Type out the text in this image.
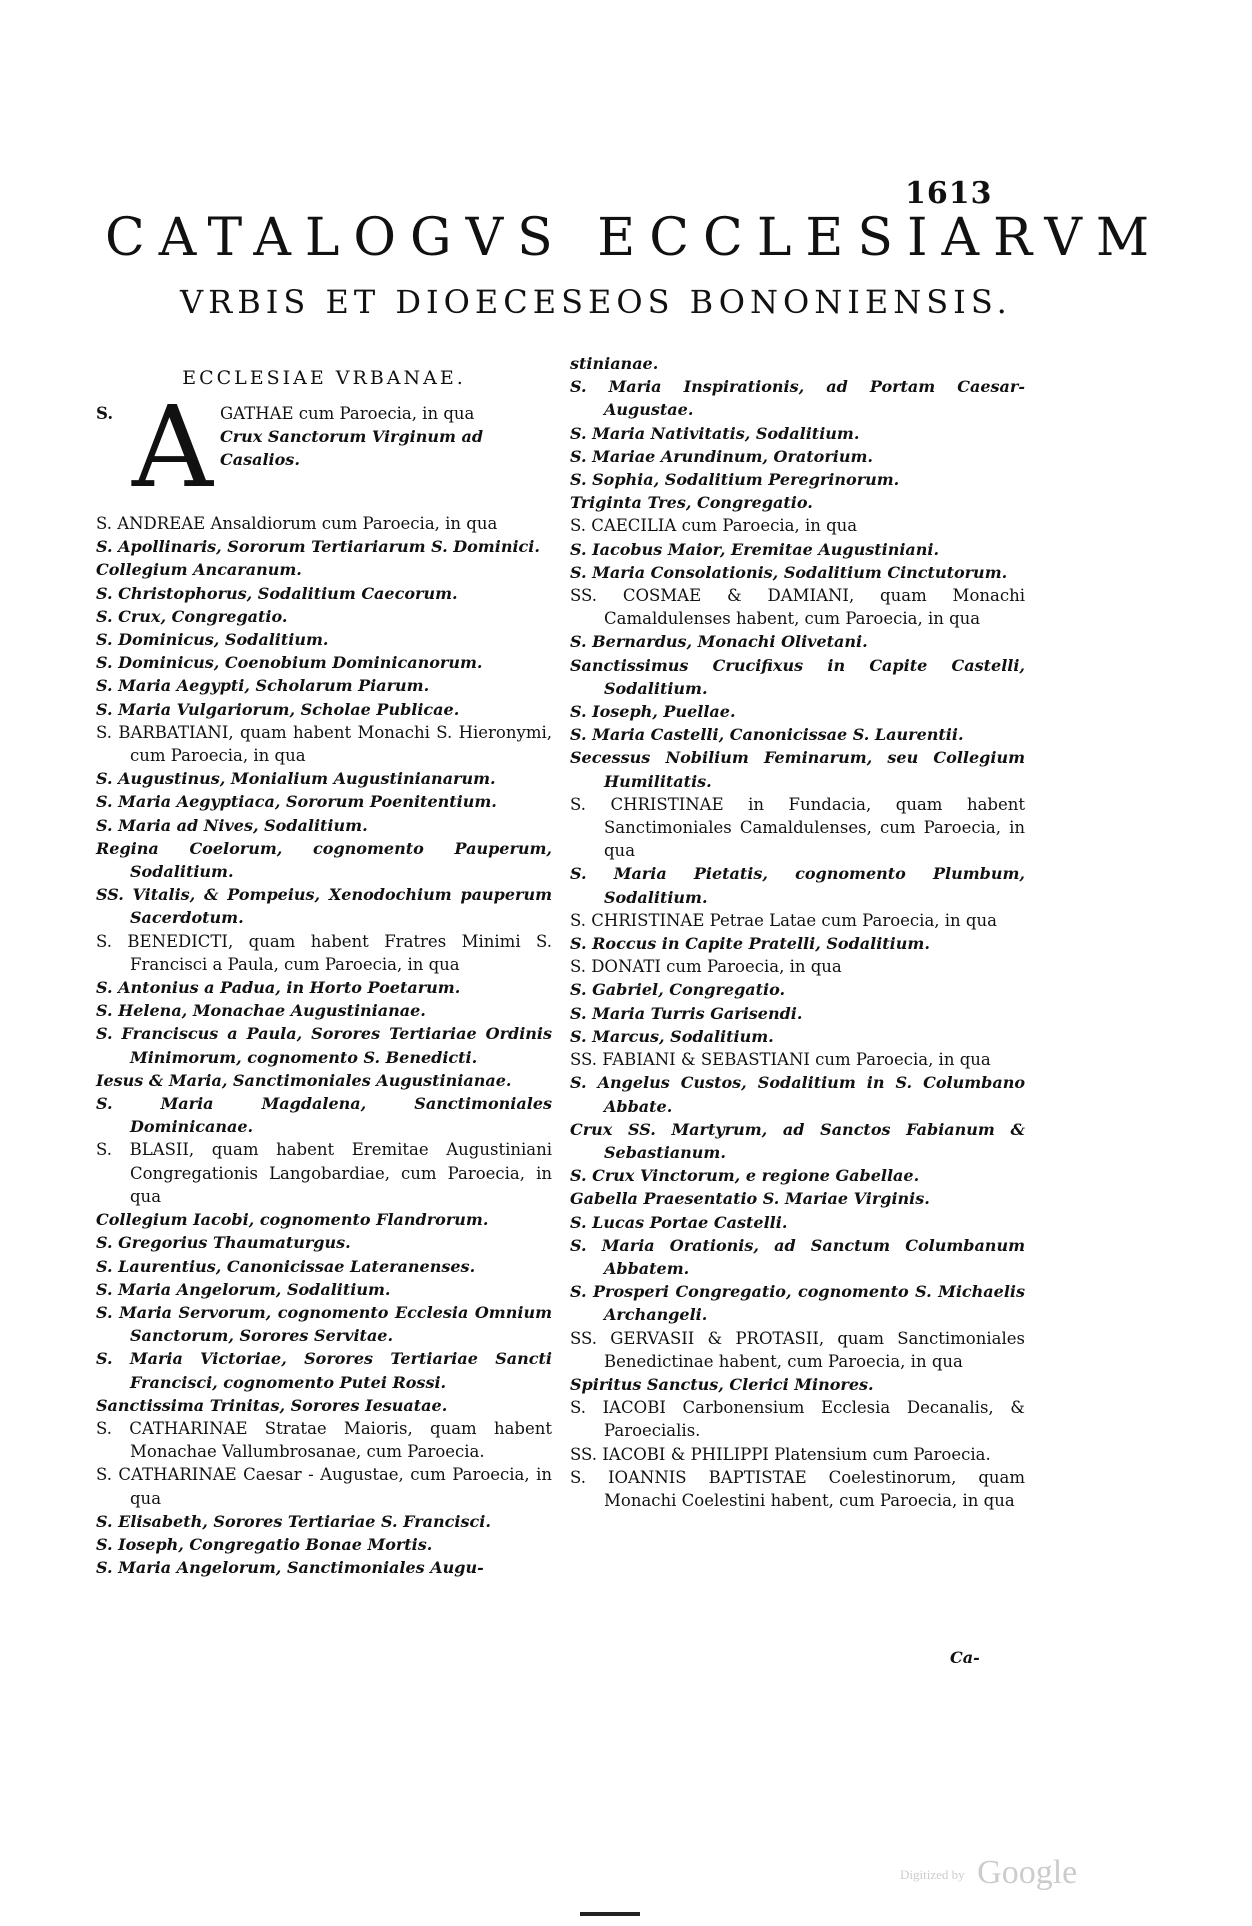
1613
CATALOGVS ECCLESIARVM
VRBIS ET DIOECESEOS BONONIENSIS.
ECCLESIAE VRBANAE.
S. A GATHAE cum Paroecia, in qua
Crux Sanctorum Virginum ad
Casalios.

S. ANDREAE Ansaldiorum cum Paroecia, in qua

S. Apollinaris, Sororum Tertiariarum S. Dominici.

Collegium Ancaranum.

S. Christophorus, Sodalitium Caecorum.

S. Crux, Congregatio.

S. Dominicus, Sodalitium.

S. Dominicus, Coenobium Dominicanorum.

S. Maria Aegypti, Scholarum Piarum.

S. Maria Vulgariorum, Scholae Publicae.

S. BARBATIANI, quam habent Monachi S. Hieronymi, cum Paroecia, in qua

S. Augustinus, Monialium Augustinianarum.

S. Maria Aegyptiaca, Sororum Poenitentium.

S. Maria ad Nives, Sodalitium.

Regina Coelorum, cognomento Pauperum, Sodalitium.

SS. Vitalis, & Pompeius, Xenodochium pauperum Sacerdotum.

S. BENEDICTI, quam habent Fratres Minimi S. Francisci a Paula, cum Paroecia, in qua

S. Antonius a Padua, in Horto Poetarum.

S. Helena, Monachae Augustinianae.

S. Franciscus a Paula, Sorores Tertiariae Ordinis Minimorum, cognomento S. Benedicti.

Iesus & Maria, Sanctimoniales Augustinianae.

S. Maria Magdalena, Sanctimoniales Dominicanae.

S. BLASII, quam habent Eremitae Augustiniani Congregationis Langobardiae, cum Paroecia, in qua

Collegium Iacobi, cognomento Flandrorum.

S. Gregorius Thaumaturgus.

S. Laurentius, Canonicissae Lateranenses.

S. Maria Angelorum, Sodalitium.

S. Maria Servorum, cognomento Ecclesia Omnium Sanctorum, Sorores Servitae.

S. Maria Victoriae, Sorores Tertiariae Sancti Francisci, cognomento Putei Rossi.

Sanctissima Trinitas, Sorores Iesuatae.

S. CATHARINAE Stratae Maioris, quam habent Monachae Vallumbrosanae, cum Paroecia.

S. CATHARINAE Caesar - Augustae, cum Paroecia, in qua

S. Elisabeth, Sorores Tertiariae S. Francisci.

S. Ioseph, Congregatio Bonae Mortis.

S. Maria Angelorum, Sanctimoniales Augu-

stinianae.

S. Maria Inspirationis, ad Portam Caesar-Augustae.

S. Maria Nativitatis, Sodalitium.

S. Mariae Arundinum, Oratorium.

S. Sophia, Sodalitium Peregrinorum.

Triginta Tres, Congregatio.

S. CAECILIA cum Paroecia, in qua

S. Iacobus Maior, Eremitae Augustiniani.

S. Maria Consolationis, Sodalitium Cinctutorum.

SS. COSMAE & DAMIANI, quam Monachi Camaldulenses habent, cum Paroecia, in qua

S. Bernardus, Monachi Olivetani.

Sanctissimus Crucifixus in Capite Castelli, Sodalitium.

S. Ioseph, Puellae.

S. Maria Castelli, Canonicissae S. Laurentii.

Secessus Nobilium Feminarum, seu Collegium Humilitatis.

S. CHRISTINAE in Fundacia, quam habent Sanctimoniales Camaldulenses, cum Paroecia, in qua

S. Maria Pietatis, cognomento Plumbum, Sodalitium.

S. CHRISTINAE Petrae Latae cum Paroecia, in qua

S. Roccus in Capite Pratelli, Sodalitium.

S. DONATI cum Paroecia, in qua

S. Gabriel, Congregatio.

S. Maria Turris Garisendi.

S. Marcus, Sodalitium.

SS. FABIANI & SEBASTIANI cum Paroecia, in qua

S. Angelus Custos, Sodalitium in S. Columbano Abbate.

Crux SS. Martyrum, ad Sanctos Fabianum & Sebastianum.

S. Crux Vinctorum, e regione Gabellae.

Gabella Praesentatio S. Mariae Virginis.

S. Lucas Portae Castelli.

S. Maria Orationis, ad Sanctum Columbanum Abbatem.

S. Prosperi Congregatio, cognomento S. Michaelis Archangeli.

SS. GERVASII & PROTASII, quam Sanctimoniales Benedictinae habent, cum Paroecia, in qua

Spiritus Sanctus, Clerici Minores.

S. IACOBI Carbonensium Ecclesia Decanalis, & Paroecialis.

SS. IACOBI & PHILIPPI Platensium cum Paroecia.

S. IOANNIS BAPTISTAE Coelestinorum, quam Monachi Coelestini habent, cum Paroecia, in qua

Ca-
Digitized by Google
